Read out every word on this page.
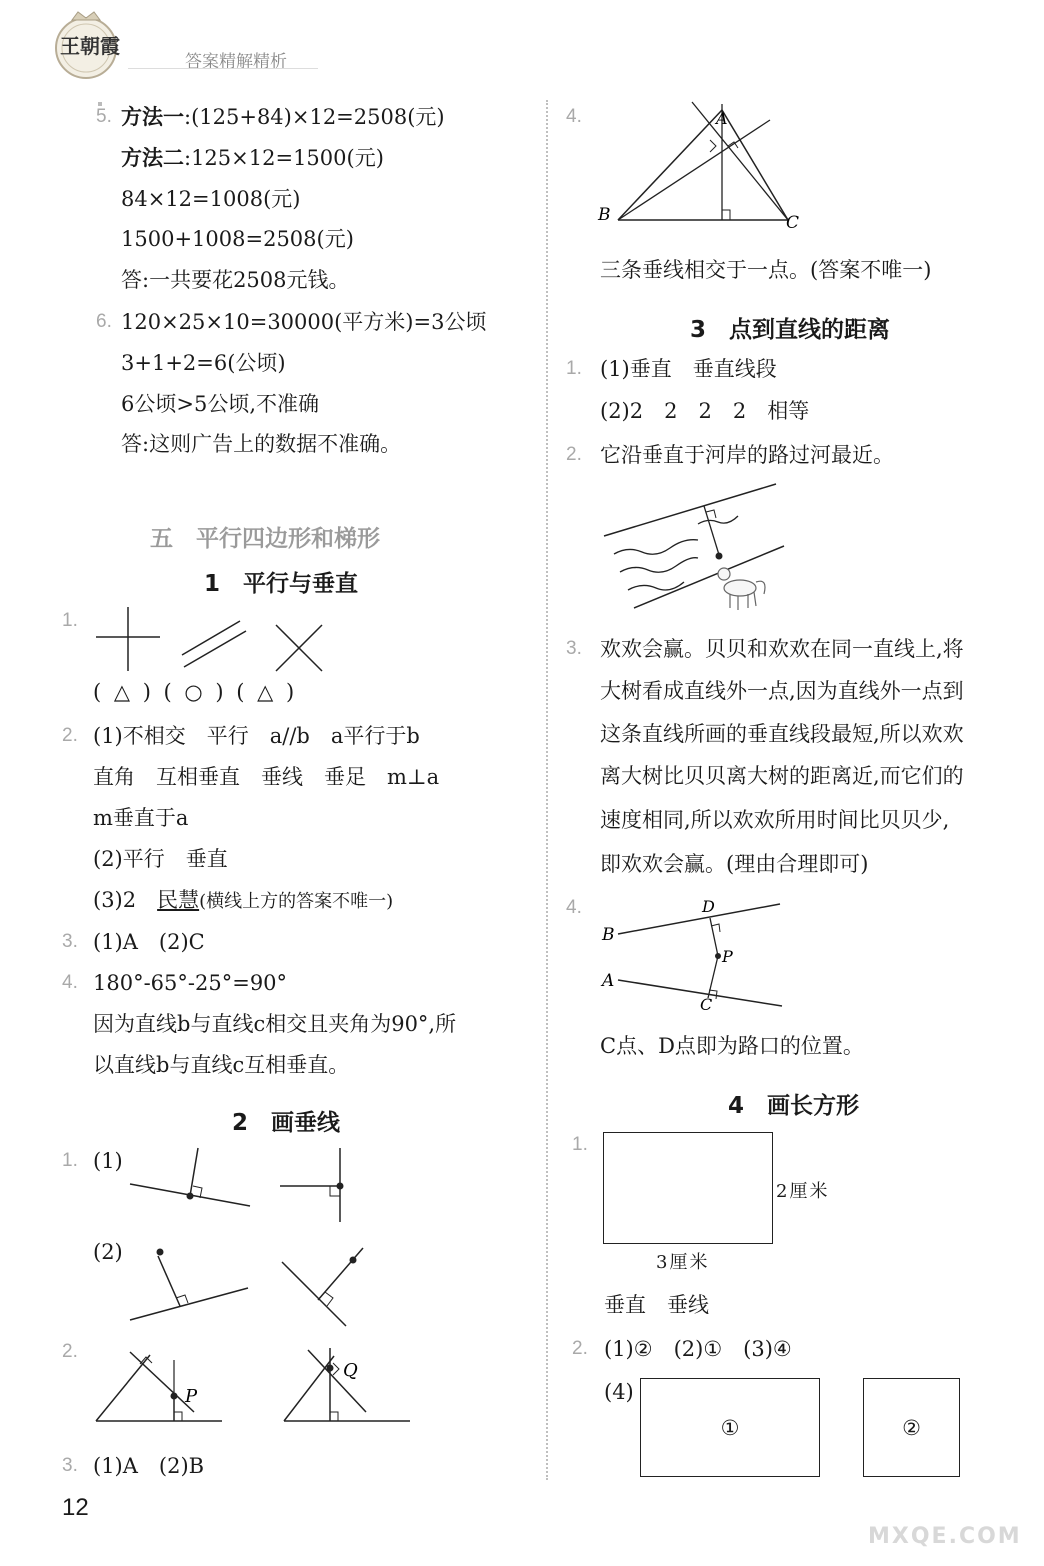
王朝霞
答案精解精析
5. 方法一:(125+84)×12=2508(元)
方法二:125×12=1500(元)
84×12=1008(元)
1500+1008=2508(元)
答:一共要花2508元钱。
6. 120×25×10=30000(平方米)=3公顷
3+1+2=6(公顷)
6公顷>5公顷,不准确
答:这则广告上的数据不准确。
五　平行四边形和梯形
1　平行与垂直
1.
( △ ) ( ○ ) ( △ )
2. (1)不相交　平行　a//b　a平行于b
直角　互相垂直　垂线　垂足　m⊥a
m垂直于a
(2)平行　垂直
(3)2　民慧(横线上方的答案不唯一)
3. (1)A　(2)C
4. 180°-65°-25°=90°
因为直线b与直线c相交且夹角为90°,所
以直线b与直线c互相垂直。
2　画垂线
1. (1)
(2)
2.
P
Q
3. (1)A　(2)B
12
4.	A
B	C
三条垂线相交于一点。(答案不唯一)
3　点到直线的距离
1. (1)垂直　垂直线段
(2)2　2　2　2　相等
2. 它沿垂直于河岸的路过河最近。
3. 欢欢会赢。贝贝和欢欢在同一直线上,将
大树看成直线外一点,因为直线外一点到
这条直线所画的垂直线段最短,所以欢欢
离大树比贝贝离大树的距离近,而它们的
速度相同,所以欢欢所用时间比贝贝少,
即欢欢会赢。(理由合理即可)
4.
B
D
P
A
C
C点、D点即为路口的位置。
4　画长方形
1.
2厘米
3厘米
垂直　垂线
2. (1)②　(2)①　(3)④
(4)
①	②
MXQE.COM
